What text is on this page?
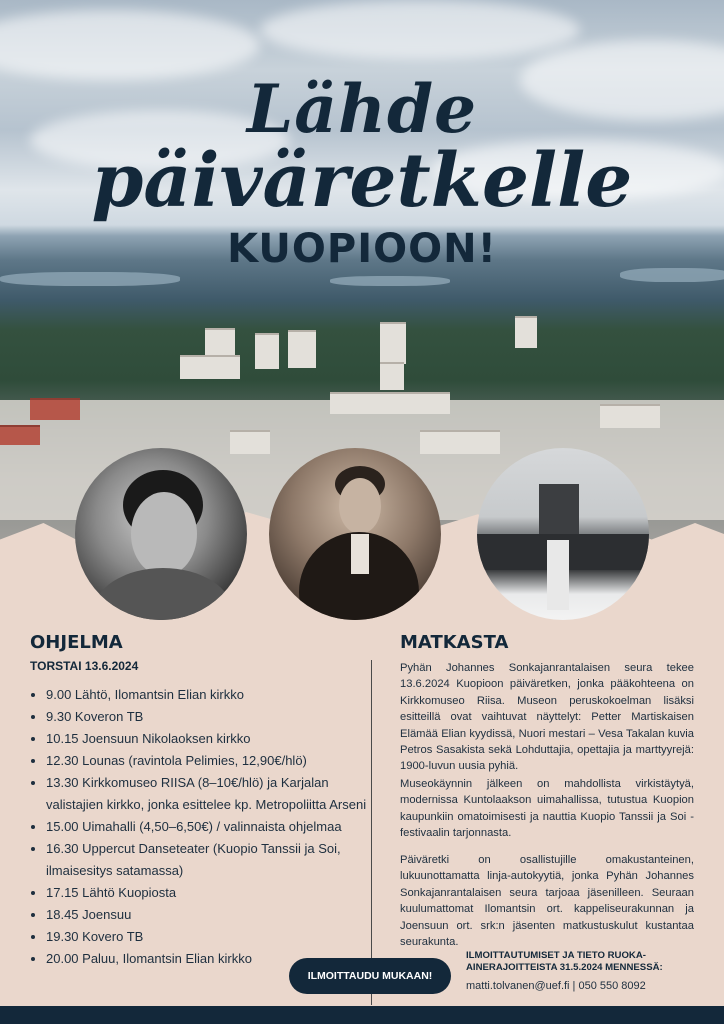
Lähde
päiväretkelle
KUOPIOON!
OHJELMA
TORSTAI 13.6.2024
• 9.00 Lähtö, Ilomantsin Elian kirkko
• 9.30 Koveron TB
• 10.15 Joensuun Nikolaoksen kirkko
• 12.30 Lounas (ravintola Pelimies, 12,90€/hlö)
• 13.30 Kirkkomuseo RIISA (8–10€/hlö) ja Karjalan valistajien kirkko, jonka esittelee kp. Metropoliitta Arseni
• 15.00 Uimahalli (4,50–6,50€) / valinnaista ohjelmaa
• 16.30 Uppercut Danseteater (Kuopio Tanssii ja Soi, ilmaisesitys satamassa)
• 17.15 Lähtö Kuopiosta
• 18.45 Joensuu
• 19.30 Kovero TB
• 20.00 Paluu, Ilomantsin Elian kirkko
MATKASTA

Pyhän Johannes Sonkajanrantalaisen seura tekee 13.6.2024 Kuopioon päiväretken, jonka pääkohteena on Kirkkomuseo Riisa. Museon peruskokoelman lisäksi esitteillä ovat vaihtuvat näyttelyt: Petter Martiskaisen Elämää Elian kyydissä, Nuori mestari – Vesa Takalan kuvia Petros Sasakista sekä Lohduttajia, opettajia ja marttyyrejä: 1900-luvun uusia pyhiä.

Museokäynnin jälkeen on mahdollista virkistäytyä, modernissa Kuntolaakson uimahallissa, tutustua Kuopion kaupunkiin omatoimisesti ja nauttia Kuopio Tanssii ja Soi -festivaalin tarjonnasta.

Päiväretki on osallistujille omakustanteinen, lukuunottamatta linja-autokyytiä, jonka Pyhän Johannes Sonkajanrantalaisen seura tarjoaa jäsenilleen. Seuraan kuulumattomat Ilomantsin ort. kappeliseurakunnan ja Joensuun ort. srk:n jäsenten matkustuskulut kustantaa seurakunta.

ILMOITTAUDU MUKAAN!
ILMOITTAUTUMISET JA TIETO RUOKA-AINERAJOITTEISTA 31.5.2024 MENNESSÄ:
matti.tolvanen@uef.fi | 050 550 8092
